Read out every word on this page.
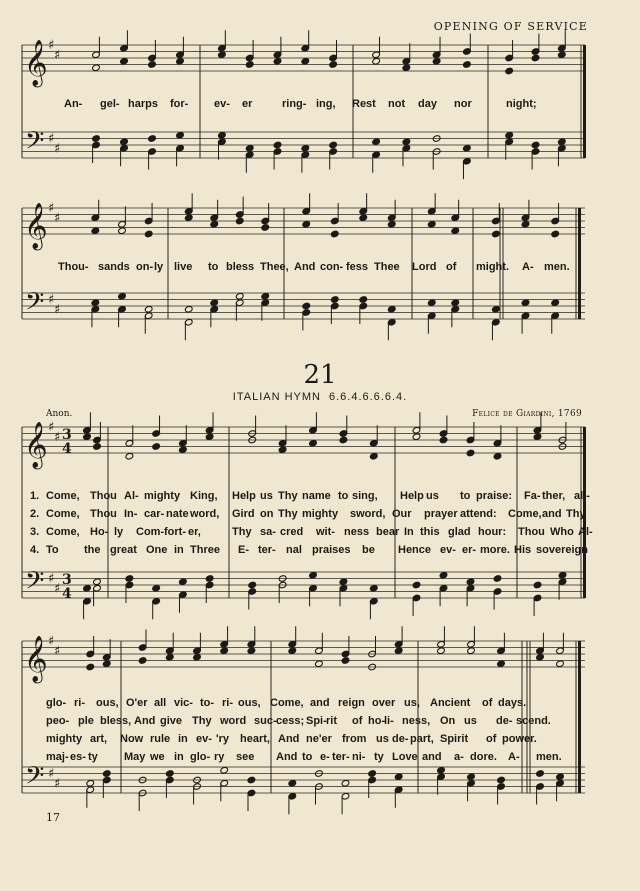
OPENING OF SERVICE
𝄞
𝄢
♯
♯
♯
♯
𝄞
𝄢
♯
♯
♯
♯
𝄞
𝄢
♯
♯
♯
♯
𝄞
𝄢
♯
♯
♯
♯
3
4
3
4
An- gel- harps for- ev- er	ring- ing, Rest not day nor	night;
Thou- sands on- ly live to bless Thee, And con- fess Thee Lord of might. A- men.
21
ITALIAN HYMN 6.6.4.6.6.6.4.
Anon.	Felice de Giardini, 1769
1. Come, Thou Al- mighty King, Help us Thy name to sing, Help us to praise: Fa- ther, all-
2. Come, Thou In- car- nate word, Gird on Thy mighty sword, Our prayer attend: Come, and Thy
3. Come, Ho- ly Com- fort- er,	Thy sa- cred wit- ness bear In this glad hour: Thou Who Al-
4. To the great One in Three E- ter- nal praises be Hence ev- er- more. His sovereign
glo- ri- ous, O'er all vic- to- ri- ous, Come, and reign over us, Ancient of days.
peo- ple bless, And give Thy word suc- cess; Spi- rit of ho-
li- ness, On us de- scend.
mighty art, Now rule in ev- 'ry heart, And ne'er from us de- part, Spirit of power.
maj- es- ty May we in glo- ry see And to e- ter- ni- ty Love and a- dore. A- men.
17
